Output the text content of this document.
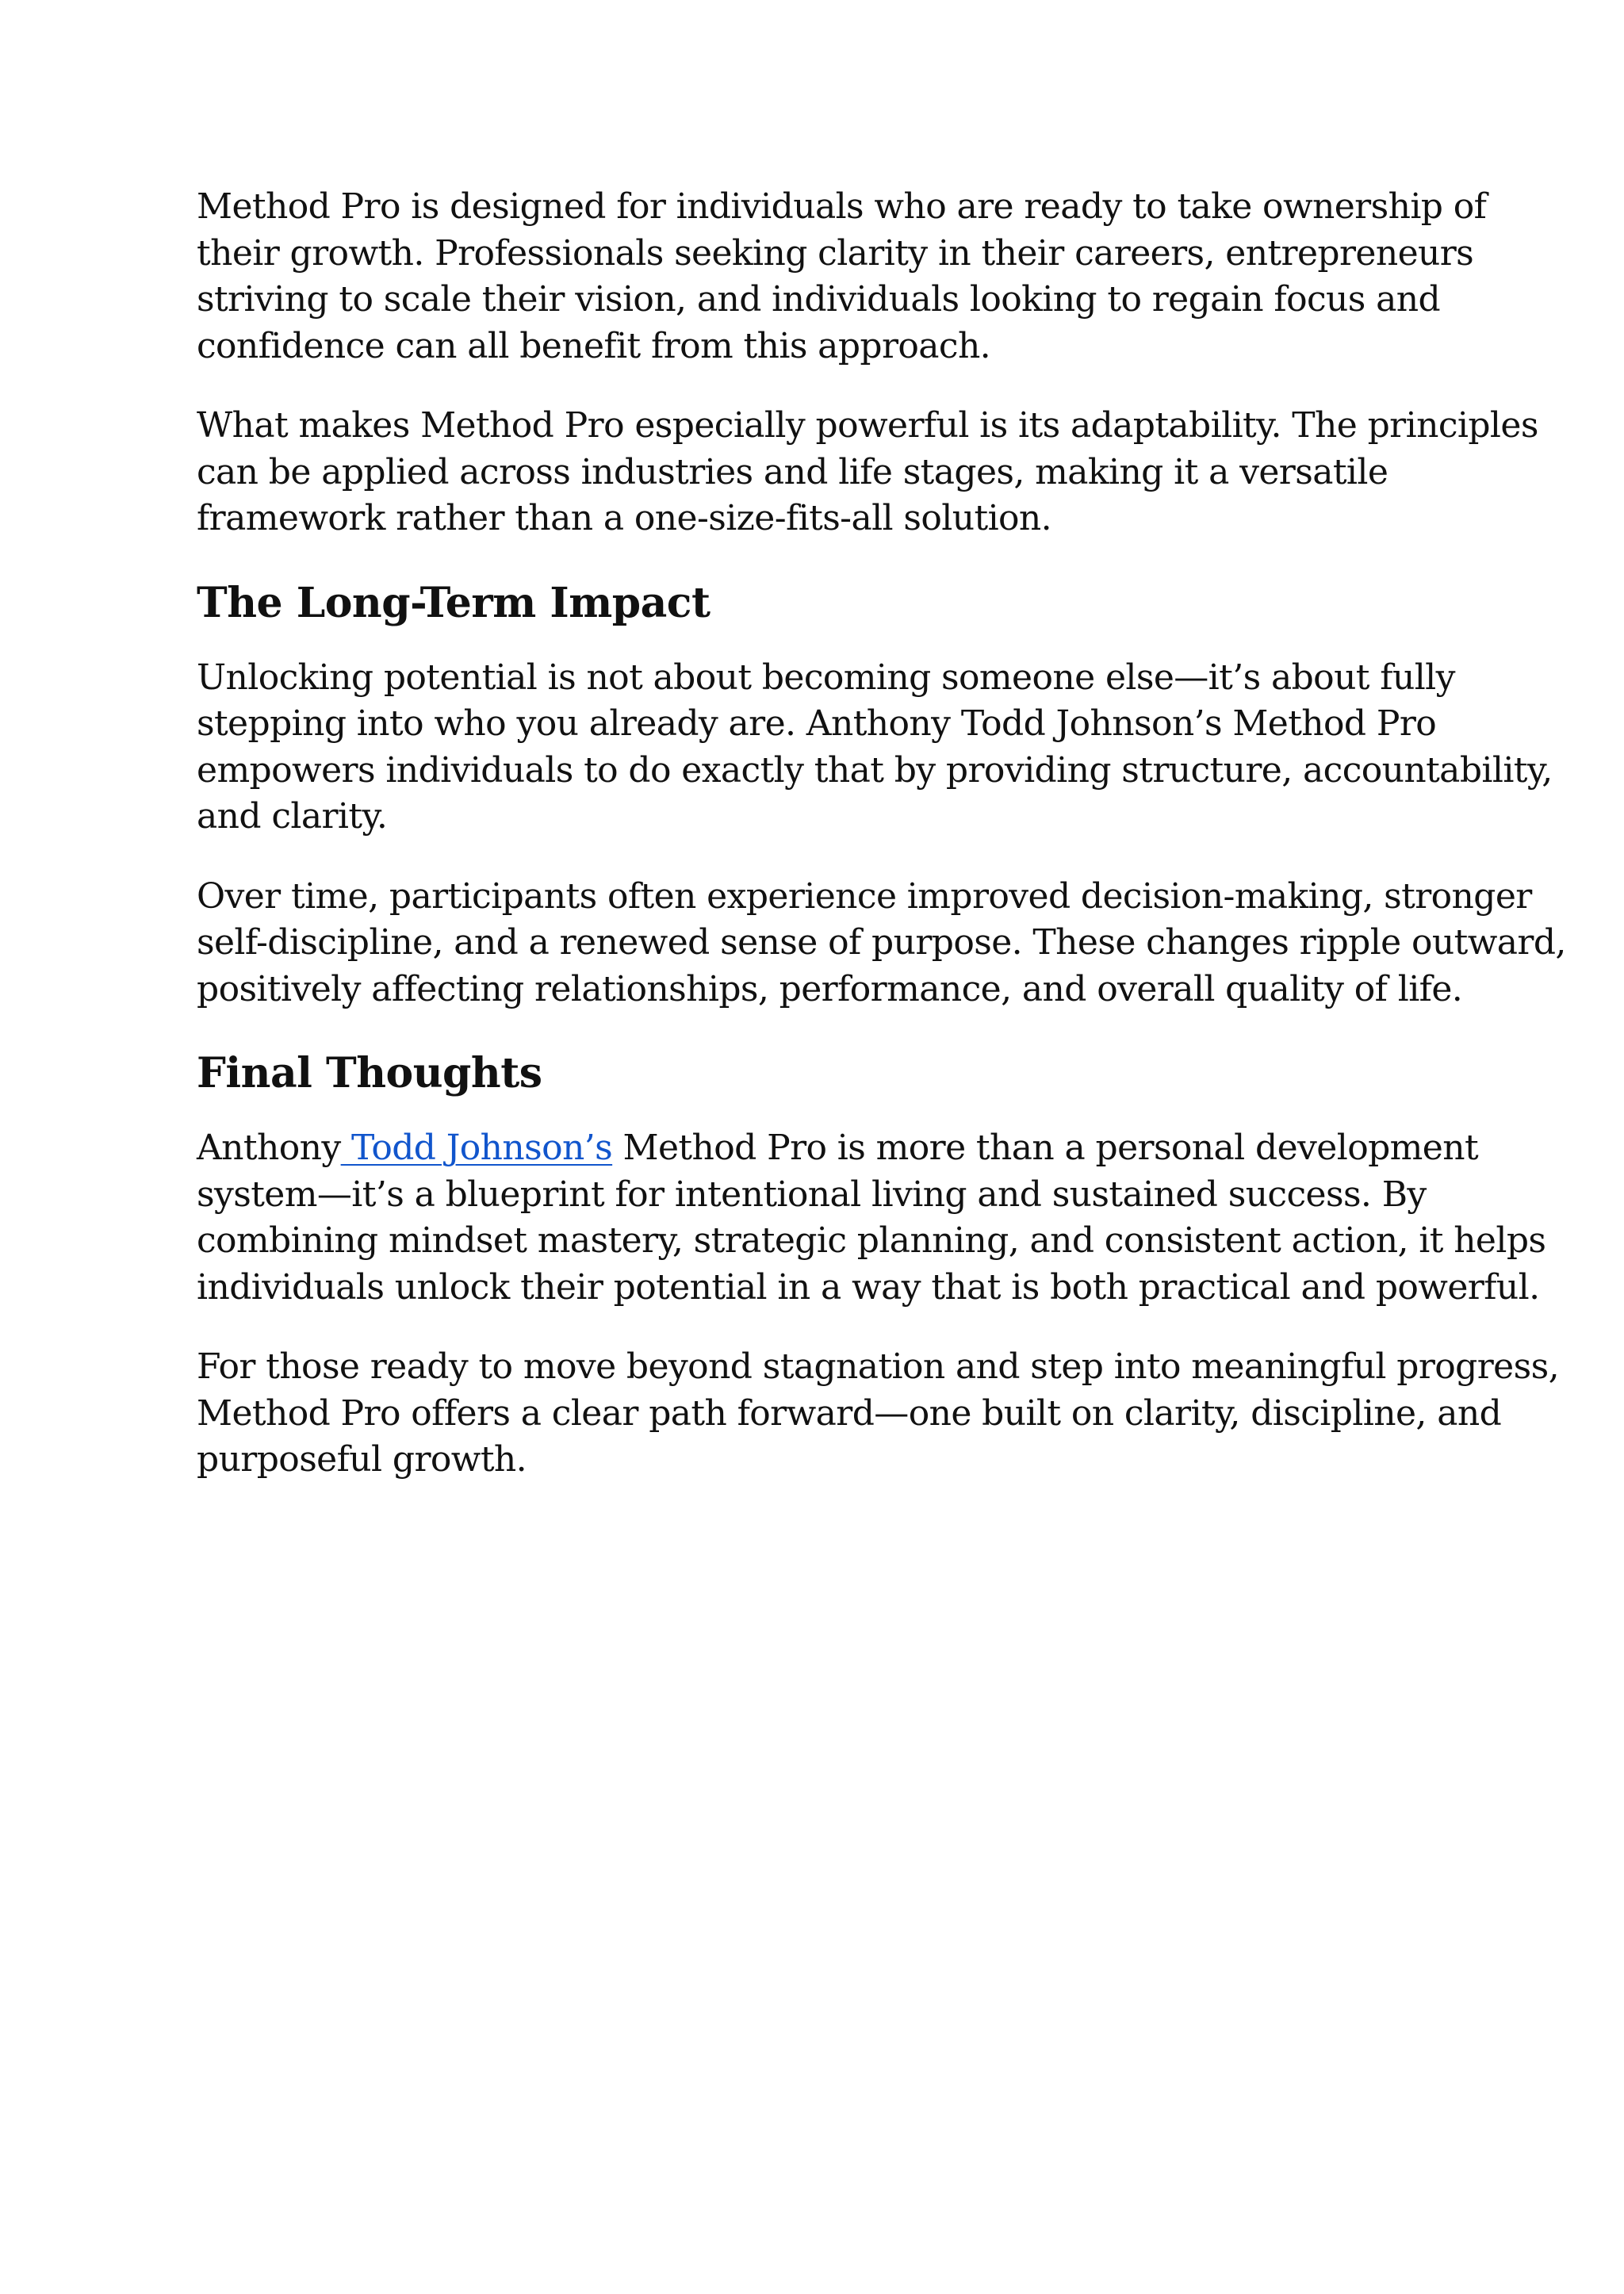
Method Pro is designed for individuals who are ready to take ownership of
their growth. Professionals seeking clarity in their careers, entrepreneurs
striving to scale their vision, and individuals looking to regain focus and
confidence can all benefit from this approach.

What makes Method Pro especially powerful is its adaptability. The principles
can be applied across industries and life stages, making it a versatile
framework rather than a one-size-fits-all solution.

The Long-Term Impact

Unlocking potential is not about becoming someone else—it’s about fully
stepping into who you already are. Anthony Todd Johnson’s Method Pro
empowers individuals to do exactly that by providing structure, accountability,
and clarity.

Over time, participants often experience improved decision-making, stronger
self-discipline, and a renewed sense of purpose. These changes ripple outward,
positively affecting relationships, performance, and overall quality of life.

Final Thoughts

Anthony Todd Johnson’s Method Pro is more than a personal development
system—it’s a blueprint for intentional living and sustained success. By
combining mindset mastery, strategic planning, and consistent action, it helps
individuals unlock their potential in a way that is both practical and powerful.

For those ready to move beyond stagnation and step into meaningful progress,
Method Pro offers a clear path forward—one built on clarity, discipline, and
purposeful growth.
